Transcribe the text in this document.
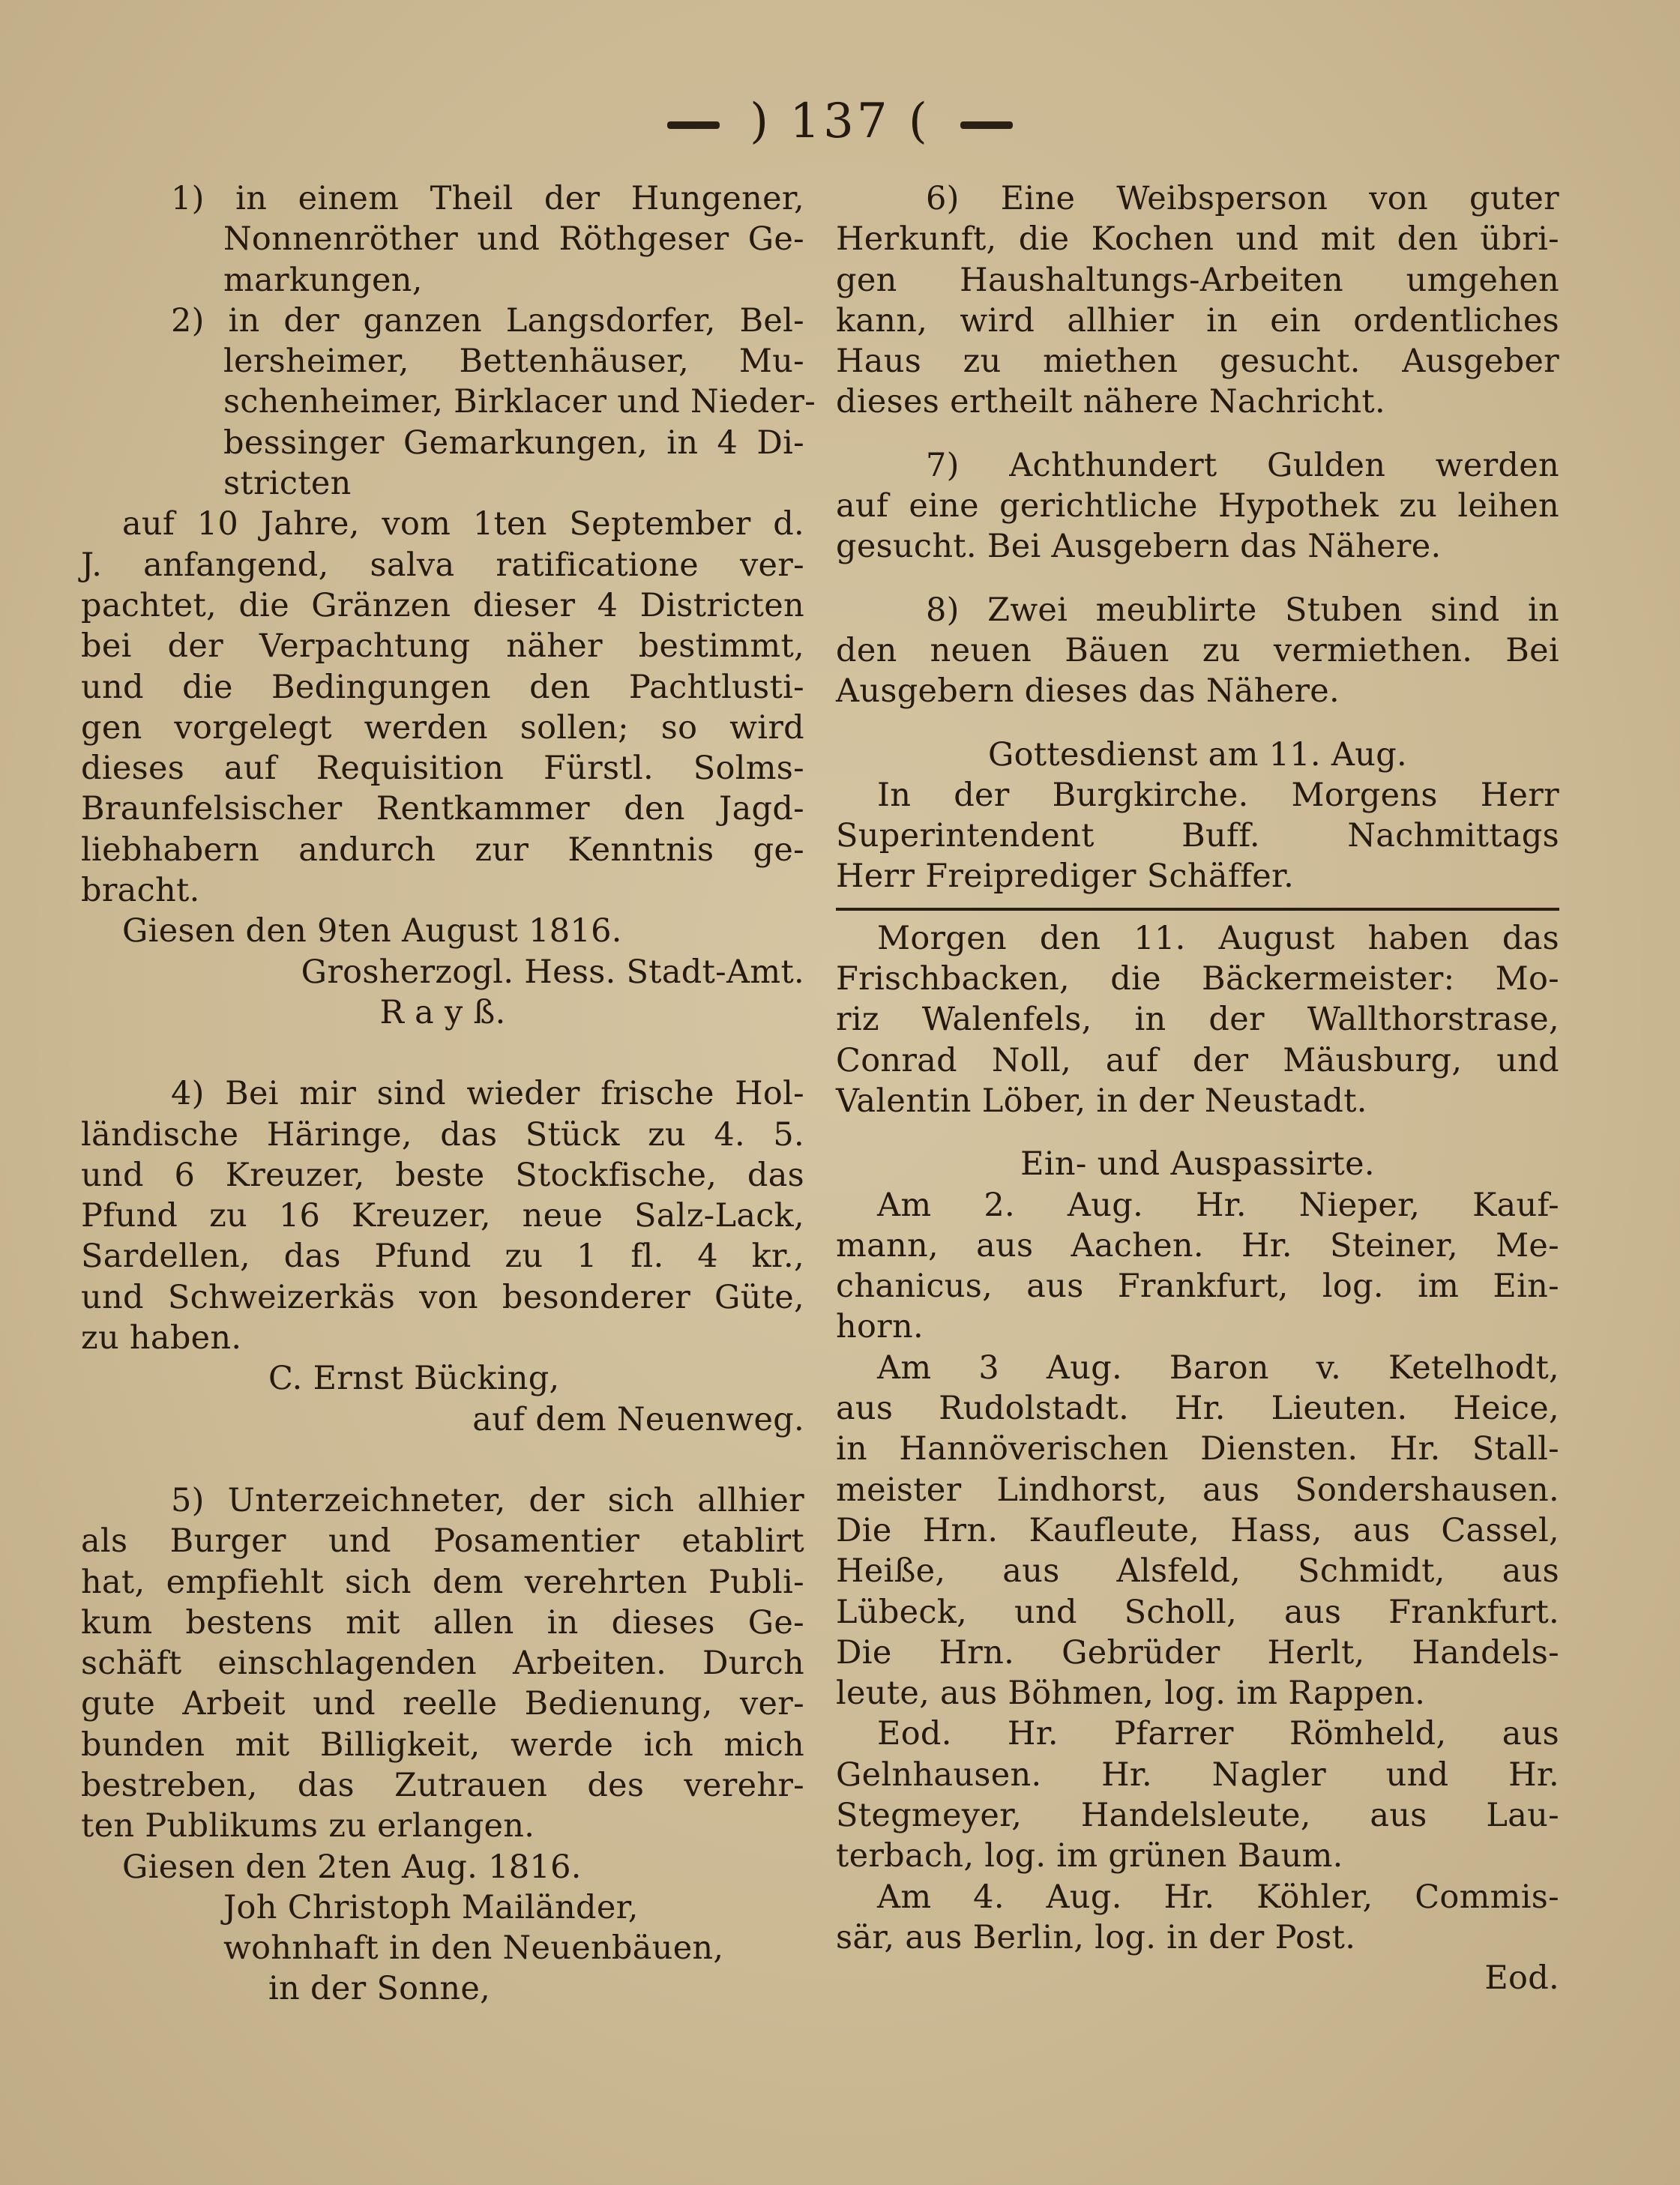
) 137 (
1) in einem Theil der Hungener,
Nonnenröther und Röthgeser Ge-
markungen,
2) in der ganzen Langsdorfer, Bel-
lersheimer, Bettenhäuser, Mu-
schenheimer, Birklacer und Nieder-
bessinger Gemarkungen, in 4 Di-
stricten
auf 10 Jahre, vom 1ten September d.
J. anfangend, salva ratificatione ver-
pachtet, die Gränzen dieser 4 Districten
bei der Verpachtung näher bestimmt,
und die Bedingungen den Pachtlusti-
gen vorgelegt werden sollen; so wird
dieses auf Requisition Fürstl. Solms-
Braunfelsischer Rentkammer den Jagd-
liebhabern andurch zur Kenntnis ge-
bracht.
Giesen den 9ten August 1816.
Grosherzogl. Hess. Stadt-Amt.
R a y ß.
4) Bei mir sind wieder frische Hol-
ländische Häringe, das Stück zu 4. 5.
und 6 Kreuzer, beste Stockfische, das
Pfund zu 16 Kreuzer, neue Salz-Lack,
Sardellen, das Pfund zu 1 fl. 4 kr.,
und Schweizerkäs von besonderer Güte,
zu haben.
C. Ernst Bücking,
auf dem Neuenweg.
5) Unterzeichneter, der sich allhier
als Burger und Posamentier etablirt
hat, empfiehlt sich dem verehrten Publi-
kum bestens mit allen in dieses Ge-
schäft einschlagenden Arbeiten. Durch
gute Arbeit und reelle Bedienung, ver-
bunden mit Billigkeit, werde ich mich
bestreben, das Zutrauen des verehr-
ten Publikums zu erlangen.
Giesen den 2ten Aug. 1816.
Joh Christoph Mailänder,
wohnhaft in den Neuenbäuen,
in der Sonne,
6) Eine Weibsperson von guter
Herkunft, die Kochen und mit den übri-
gen Haushaltungs-Arbeiten umgehen
kann, wird allhier in ein ordentliches
Haus zu miethen gesucht. Ausgeber
dieses ertheilt nähere Nachricht.
7) Achthundert Gulden werden
auf eine gerichtliche Hypothek zu leihen
gesucht. Bei Ausgebern das Nähere.
8) Zwei meublirte Stuben sind in
den neuen Bäuen zu vermiethen. Bei
Ausgebern dieses das Nähere.
Gottesdienst am 11. Aug.
In der Burgkirche. Morgens Herr
Superintendent Buff. Nachmittags
Herr Freiprediger Schäffer.
Morgen den 11. August haben das
Frischbacken, die Bäckermeister: Mo-
riz Walenfels, in der Wallthorstrase,
Conrad Noll, auf der Mäusburg, und
Valentin Löber, in der Neustadt.
Ein- und Auspassirte.
Am 2. Aug. Hr. Nieper, Kauf-
mann, aus Aachen. Hr. Steiner, Me-
chanicus, aus Frankfurt, log. im Ein-
horn.
Am 3 Aug. Baron v. Ketelhodt,
aus Rudolstadt. Hr. Lieuten. Heice,
in Hannöverischen Diensten. Hr. Stall-
meister Lindhorst, aus Sondershausen.
Die Hrn. Kaufleute, Hass, aus Cassel,
Heiße, aus Alsfeld, Schmidt, aus
Lübeck, und Scholl, aus Frankfurt.
Die Hrn. Gebrüder Herlt, Handels-
leute, aus Böhmen, log. im Rappen.
Eod. Hr. Pfarrer Römheld, aus
Gelnhausen. Hr. Nagler und Hr.
Stegmeyer, Handelsleute, aus Lau-
terbach, log. im grünen Baum.
Am 4. Aug. Hr. Köhler, Commis-
sär, aus Berlin, log. in der Post.
Eod.
